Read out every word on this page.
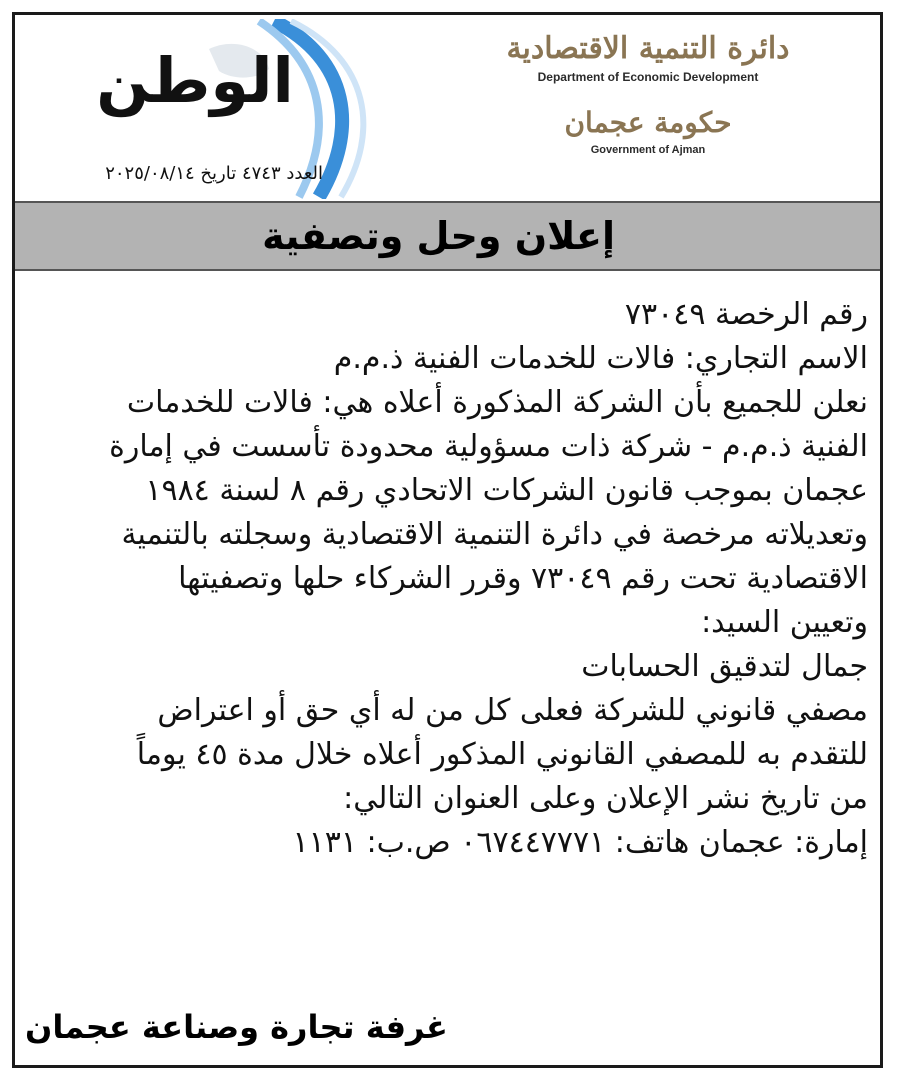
الوطن
العدد ٤٧٤٣ تاريخ ٢٠٢٥/٠٨/١٤
دائرة التنمية الاقتصادية
Department of Economic Development
حكومة عجمان
Government of Ajman
إعلان وحل وتصفية
رقم الرخصة ٧٣٠٤٩
الاسم التجاري: فالات للخدمات الفنية ذ.م.م
نعلن للجميع بأن الشركة المذكورة أعلاه هي: فالات للخدمات
الفنية ذ.م.م - شركة ذات مسؤولية محدودة تأسست في إمارة
عجمان بموجب قانون الشركات الاتحادي رقم ٨ لسنة ١٩٨٤
وتعديلاته مرخصة في دائرة التنمية الاقتصادية وسجلته بالتنمية
الاقتصادية تحت رقم ٧٣٠٤٩ وقرر الشركاء حلها وتصفيتها
وتعيين السيد:
جمال لتدقيق الحسابات
مصفي قانوني للشركة فعلى كل من له أي حق أو اعتراض
للتقدم به للمصفي القانوني المذكور أعلاه خلال مدة ٤٥ يوماً
من تاريخ نشر الإعلان وعلى العنوان التالي:
إمارة: عجمان هاتف: ٠٦٧٤٤٧٧٧١ ص.ب: ١١٣١
غرفة تجارة وصناعة عجمان
